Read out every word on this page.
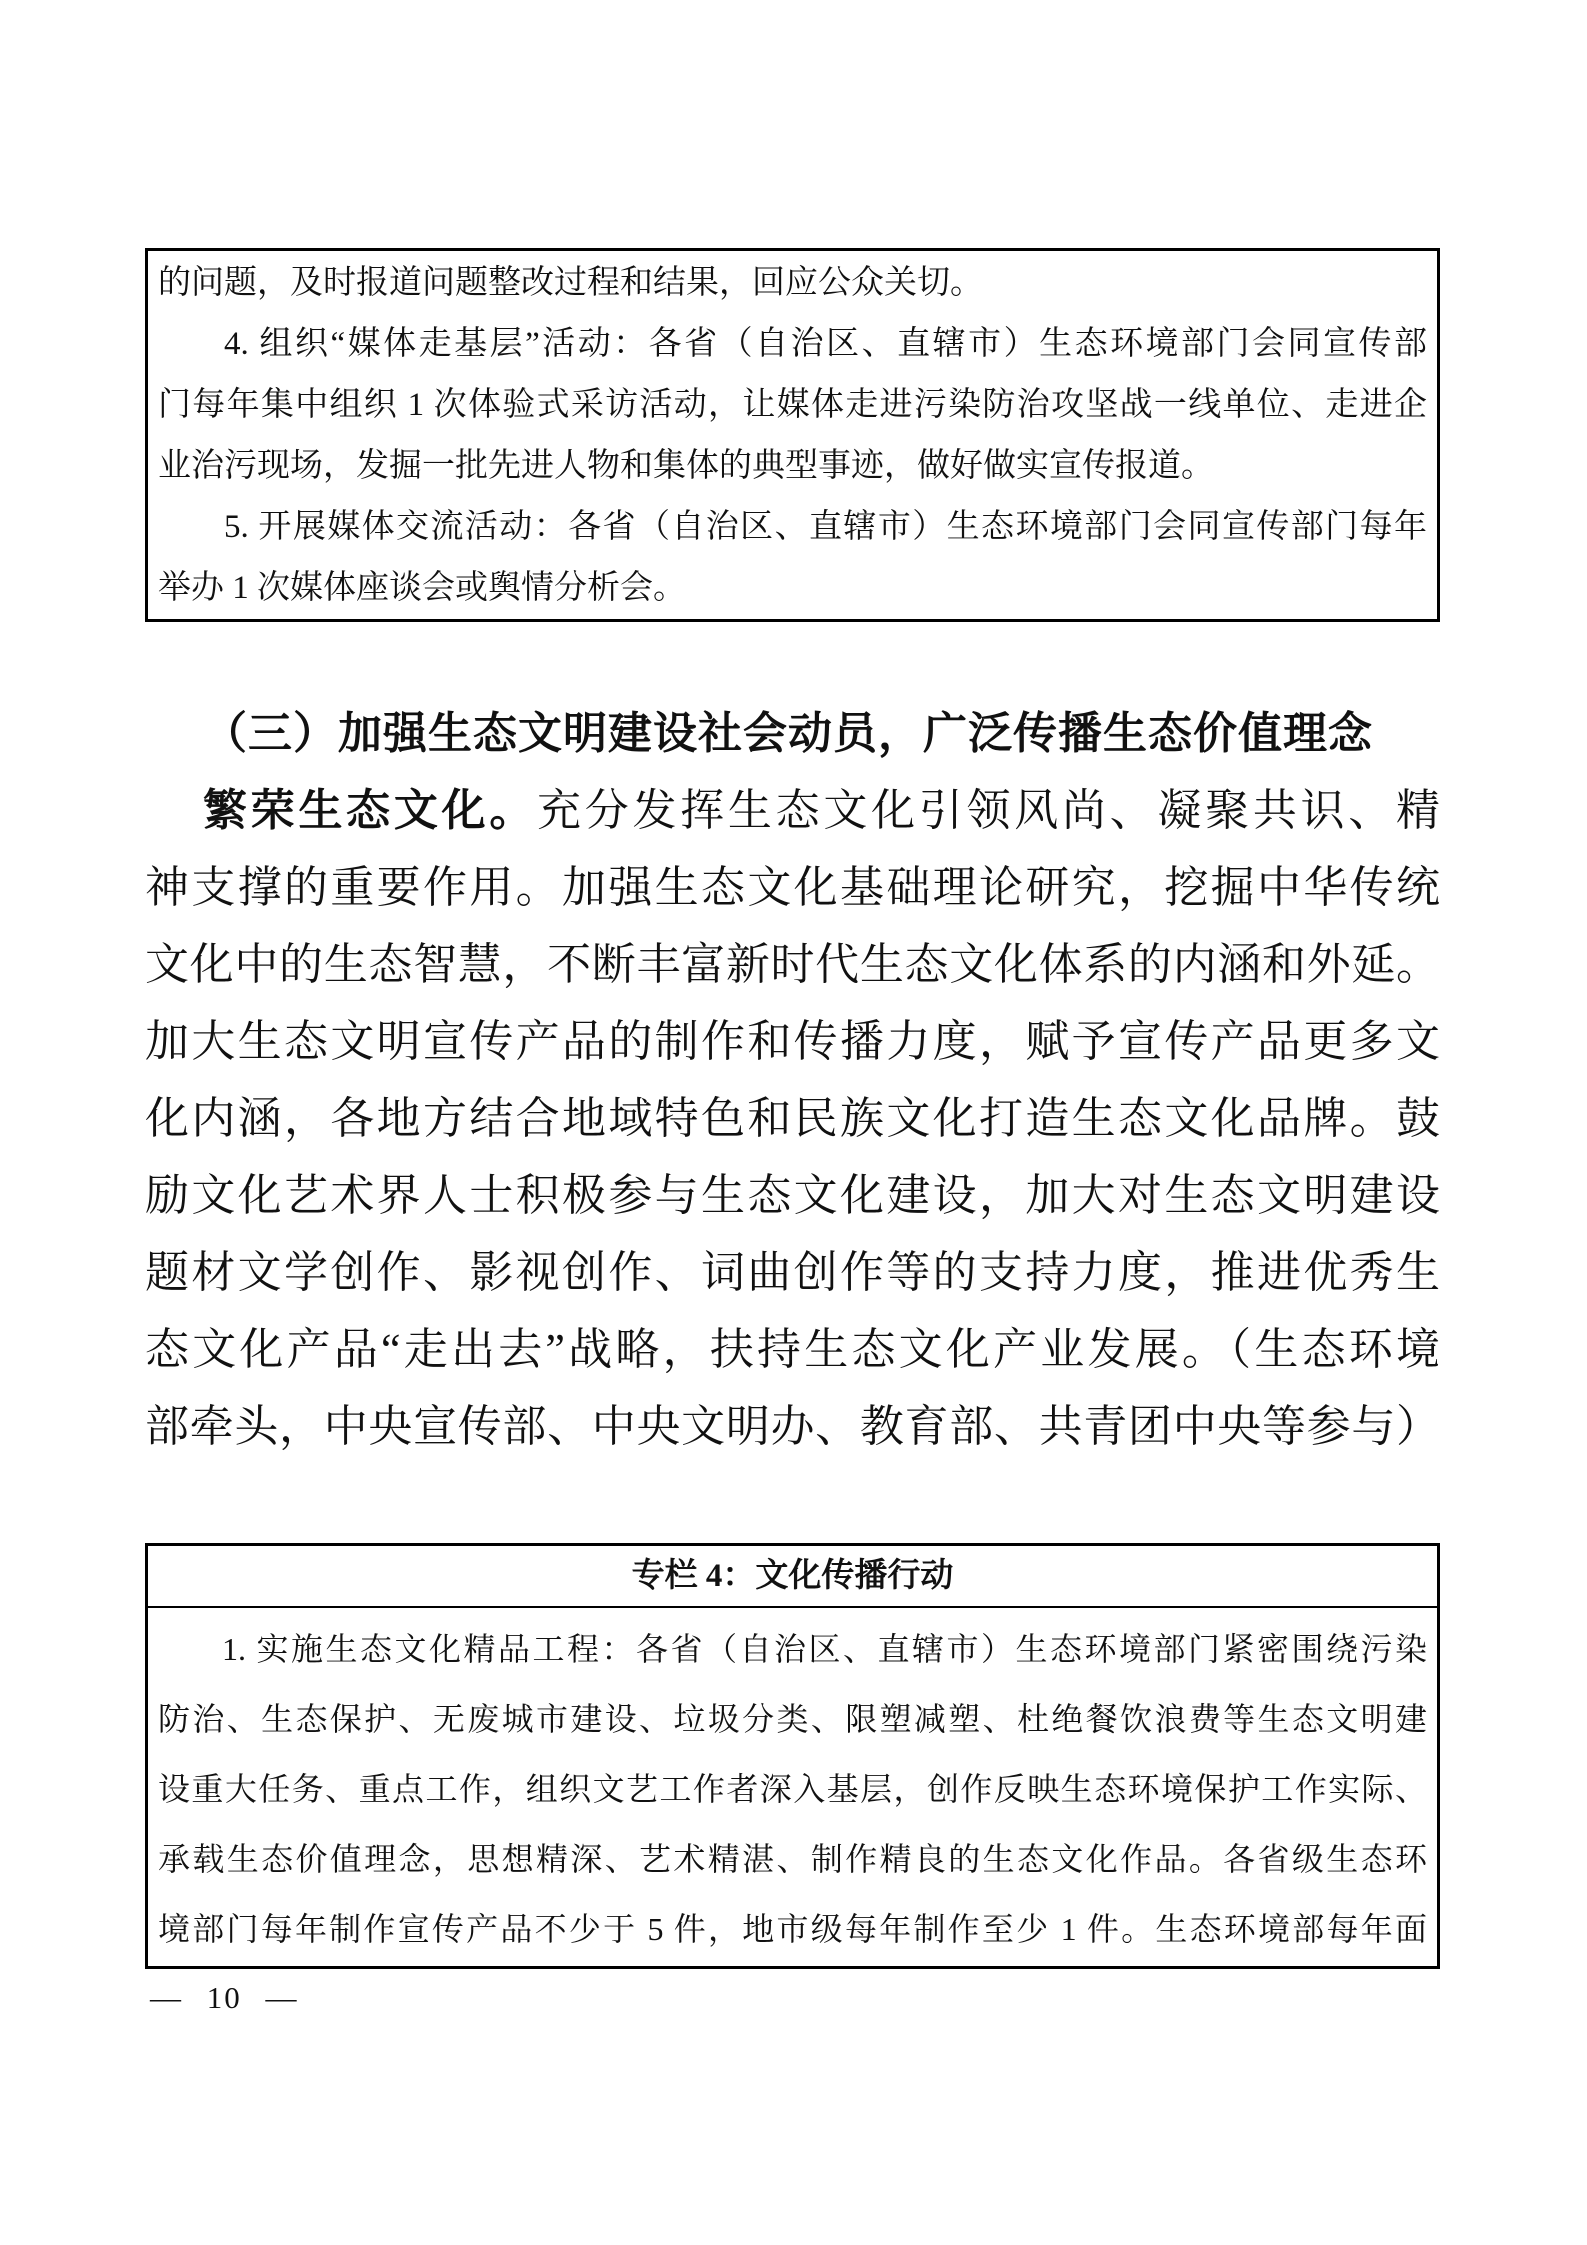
的问题，及时报道问题整改过程和结果，回应公众关切。
4. 组织“媒体走基层”活动：各省（自治区、直辖市）生态环境部门会同宣传部
门每年集中组织 1 次体验式采访活动，让媒体走进污染防治攻坚战一线单位、走进企
业治污现场，发掘一批先进人物和集体的典型事迹，做好做实宣传报道。
5. 开展媒体交流活动：各省（自治区、直辖市）生态环境部门会同宣传部门每年
举办 1 次媒体座谈会或舆情分析会。
（三）加强生态文明建设社会动员，广泛传播生态价值理念
繁荣生态文化。充分发挥生态文化引领风尚、凝聚共识、精
神支撑的重要作用。加强生态文化基础理论研究，挖掘中华传统
文化中的生态智慧，不断丰富新时代生态文化体系的内涵和外延。
加大生态文明宣传产品的制作和传播力度，赋予宣传产品更多文
化内涵，各地方结合地域特色和民族文化打造生态文化品牌。鼓
励文化艺术界人士积极参与生态文化建设，加大对生态文明建设
题材文学创作、影视创作、词曲创作等的支持力度，推进优秀生
态文化产品“走出去”战略，扶持生态文化产业发展。（生态环境
部牵头，中央宣传部、中央文明办、教育部、共青团中央等参与）
专栏 4：文化传播行动
1. 实施生态文化精品工程：各省（自治区、直辖市）生态环境部门紧密围绕污染
防治、生态保护、无废城市建设、垃圾分类、限塑减塑、杜绝餐饮浪费等生态文明建
设重大任务、重点工作，组织文艺工作者深入基层，创作反映生态环境保护工作实际、
承载生态价值理念，思想精深、艺术精湛、制作精良的生态文化作品。各省级生态环
境部门每年制作宣传产品不少于 5 件，地市级每年制作至少 1 件。生态环境部每年面
— 10 —
